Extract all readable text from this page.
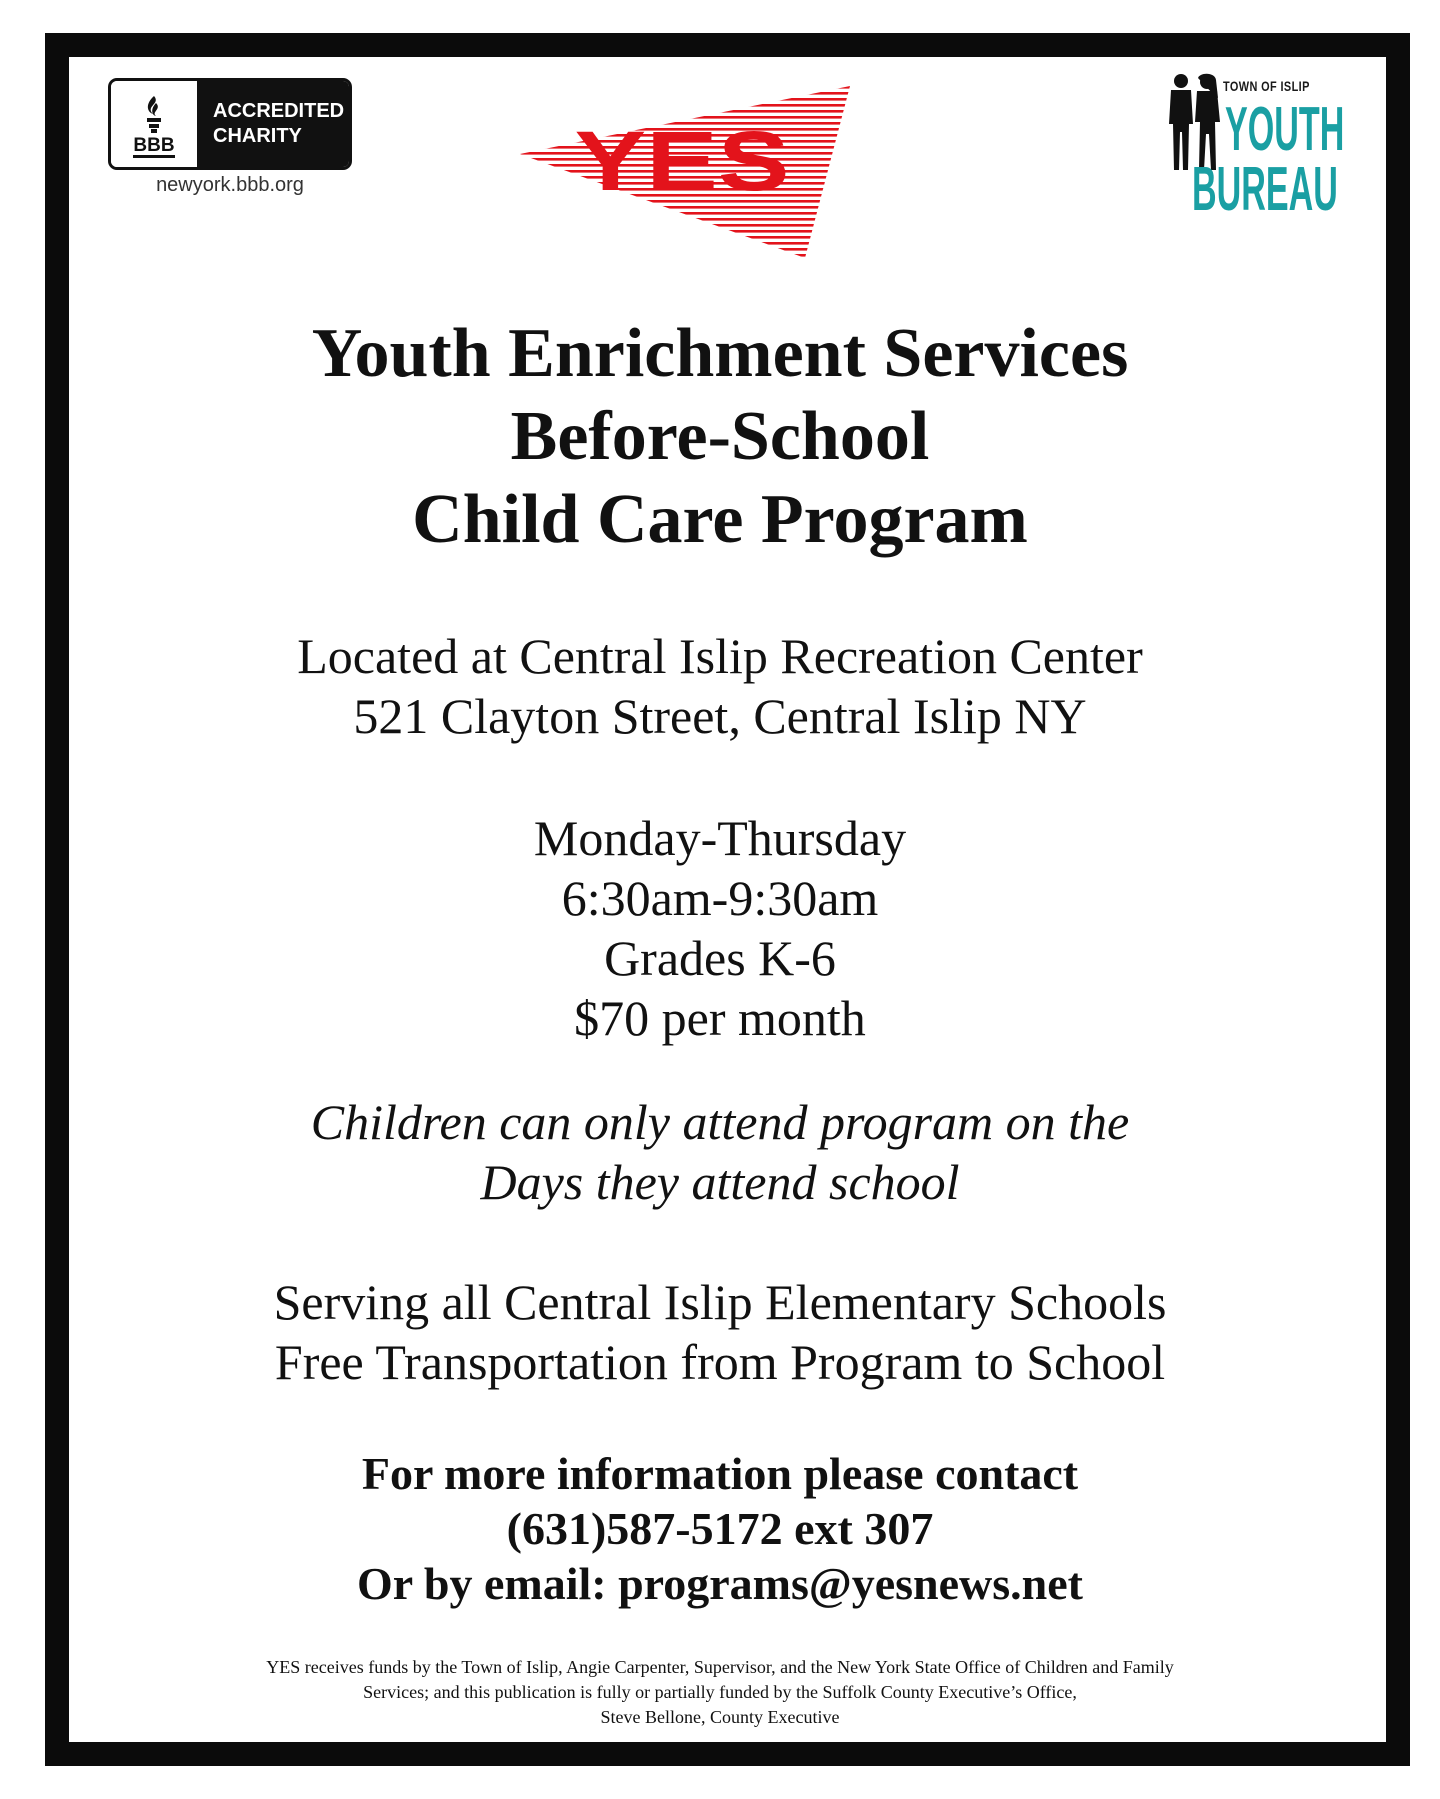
BBB
ACCREDITED
CHARITY
newyork.bbb.org	YES
TOWN OF ISLIP
YOUTH
BUREAU
Youth Enrichment Services
Before-School
Child Care Program
Located at Central Islip Recreation Center
521 Clayton Street, Central Islip NY
Monday-Thursday
6:30am-9:30am
Grades K-6
$70 per month
Children can only attend program on the
Days they attend school
Serving all Central Islip Elementary Schools
Free Transportation from Program to School
For more information please contact
(631)587-5172 ext 307
Or by email: programs@yesnews.net
YES receives funds by the Town of Islip, Angie Carpenter, Supervisor, and the New York State Office of Children and Family
Services; and this publication is fully or partially funded by the Suffolk County Executive’s Office,
Steve Bellone, County Executive
